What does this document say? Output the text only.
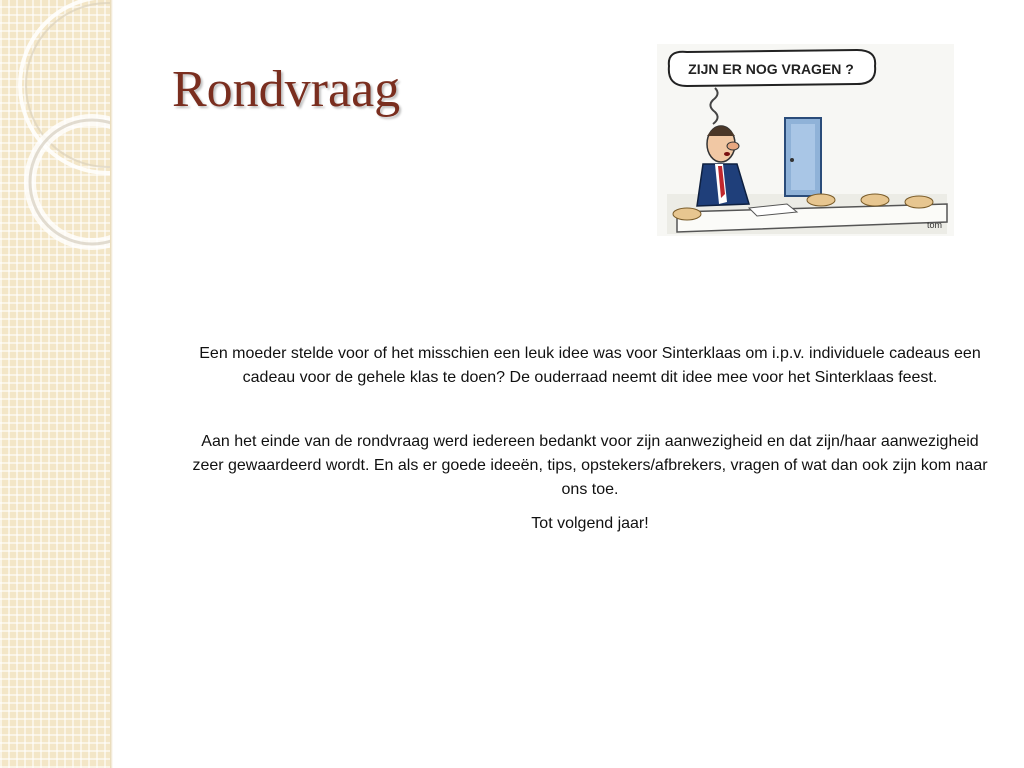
Rondvraag	ZIJN ER NOG VRAGEN ?
tom

Een moeder stelde voor of het misschien een leuk idee was voor Sinterklaas om i.p.v. individuele cadeaus een cadeau voor de gehele klas te doen? De ouderraad neemt dit idee mee voor het Sinterklaas feest.

Aan het einde van de rondvraag werd iedereen bedankt voor zijn aanwezigheid en dat zijn/haar aanwezigheid zeer gewaardeerd wordt. En als er goede ideeën, tips, opstekers/afbrekers, vragen of wat dan ook zijn kom naar ons toe.

Tot volgend jaar!
